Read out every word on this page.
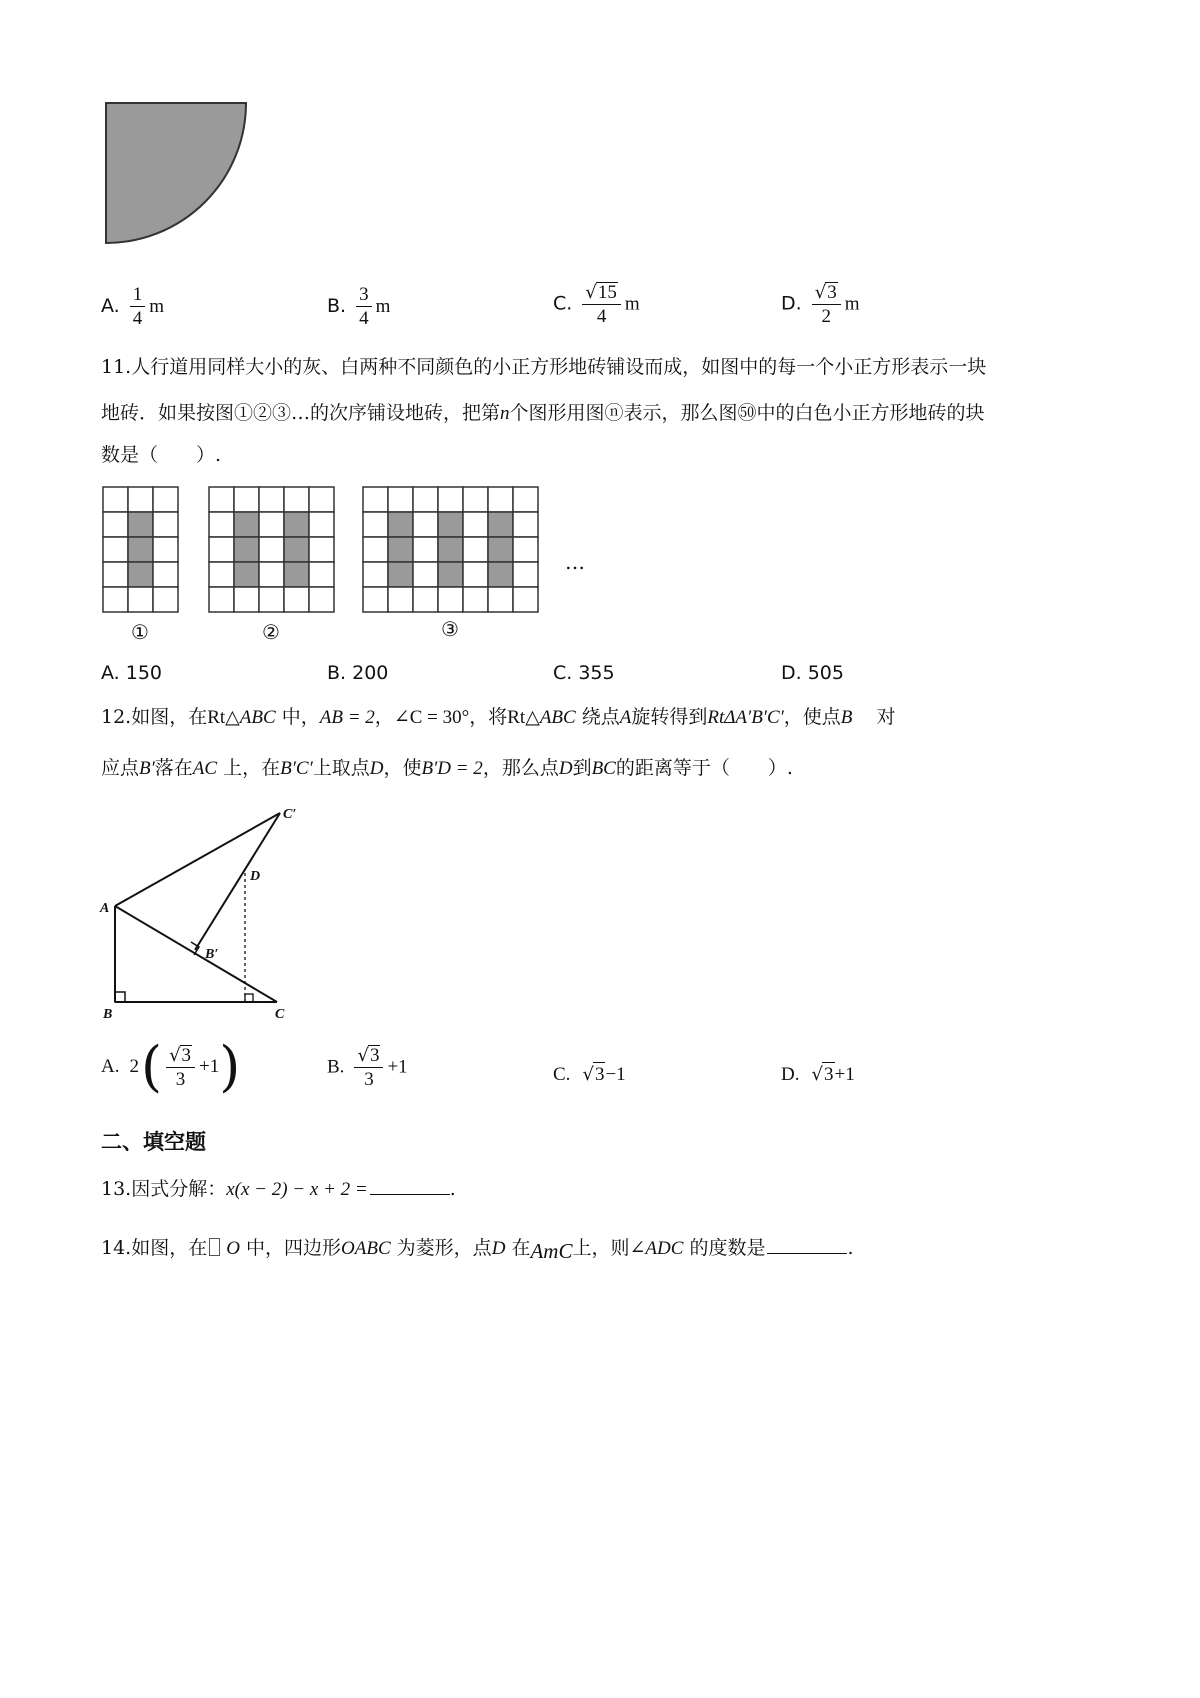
A. $\frac{1}{4}$ m	B. $\frac{3}{4}$ m	C. $\frac{√15}{4}$ m	D. $\frac{√3}{2}$ m
11.人行道用同样大小的灰、白两种不同颜色的小正方形地砖铺设而成，如图中的每一个小正方形表示一块
地砖．如果按图①②③…的次序铺设地砖，把第n个图形用图ⓝ表示，那么图㊿中的白色小正方形地砖的块
数是（　　）.
①	②	③
…
A. 150	B. 200	C. 355	D. 505
12.如图，在Rt△ABC 中，AB = 2，∠C = 30°，将Rt△ABC 绕点A旋转得到RtΔA′B′C′，使点B 对
应点B′落在AC 上，在B′C′上取点D，使B′D = 2，那么点D到BC的距离等于（　　）.
A
B	C
C′
D
B′
A. 2 ( $\frac{√3}{3} +1$ )	B. $\frac{√3}{3} +1$	C. √3−1	D. √3+1
二、填空题
13.因式分解：x(x − 2) − x + 2 =	.
14.如图，在 O 中，四边形OABC 为菱形，点D 在AmC上，则∠ADC 的度数是	.
